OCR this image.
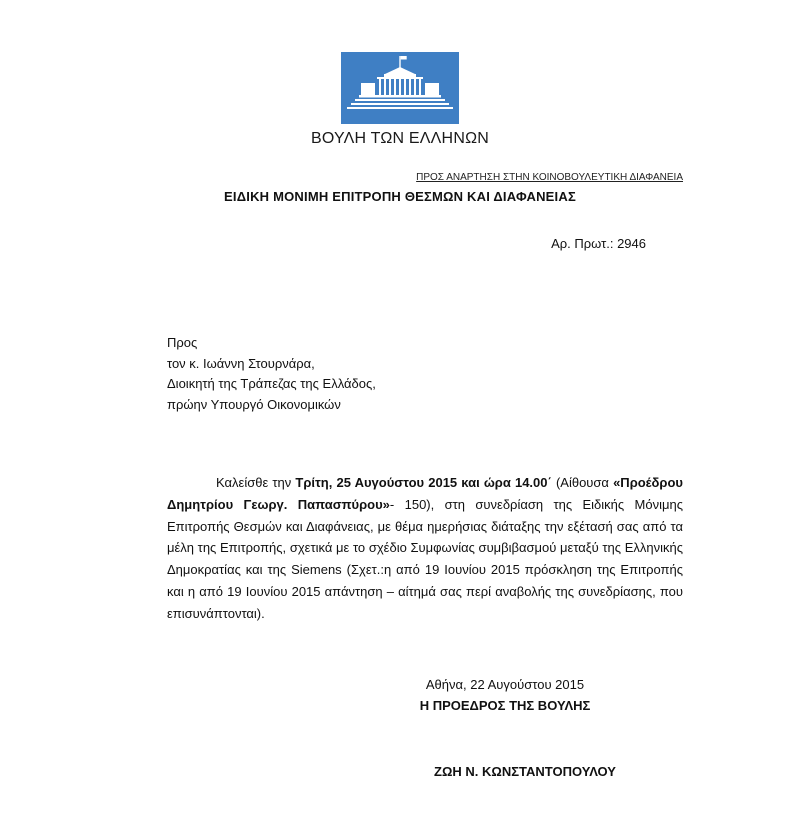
ΒΟΥΛΗ ΤΩΝ ΕΛΛΗΝΩΝ
ΠΡΟΣ ΑΝΑΡΤΗΣΗ ΣΤΗΝ ΚΟΙΝΟΒΟΥΛΕΥΤΙΚΗ ΔΙΑΦΑΝΕΙΑ
ΕΙΔΙΚΗ ΜΟΝΙΜΗ ΕΠΙΤΡΟΠΗ ΘΕΣΜΩΝ ΚΑΙ ΔΙΑΦΑΝΕΙΑΣ
Αρ. Πρωτ.: 2946
Προς
τον κ. Ιωάννη Στουρνάρα,
Διοικητή της Τράπεζας της Ελλάδος,
πρώην Υπουργό Οικονομικών
Καλείσθε την Τρίτη, 25 Αυγούστου 2015 και ώρα 14.00΄ (Αίθουσα «Προέδρου Δημητρίου Γεωργ. Παπασπύρου»- 150), στη συνεδρίαση της Ειδικής Μόνιμης Επιτροπής Θεσμών και Διαφάνειας, με θέμα ημερήσιας διάταξης την εξέτασή σας από τα μέλη της Επιτροπής, σχετικά με το σχέδιο Συμφωνίας συμβιβασμού μεταξύ της Ελληνικής Δημοκρατίας και της Siemens (Σχετ.:η από 19 Ιουνίου 2015 πρόσκληση της Επιτροπής και η από 19 Ιουνίου 2015 απάντηση – αίτημά σας περί αναβολής της συνεδρίασης, που επισυνάπτονται).
Αθήνα, 22 Αυγούστου 2015
Η ΠΡΟΕΔΡΟΣ ΤΗΣ ΒΟΥΛΗΣ
ΖΩΗ Ν. ΚΩΝΣΤΑΝΤΟΠΟΥΛΟΥ
